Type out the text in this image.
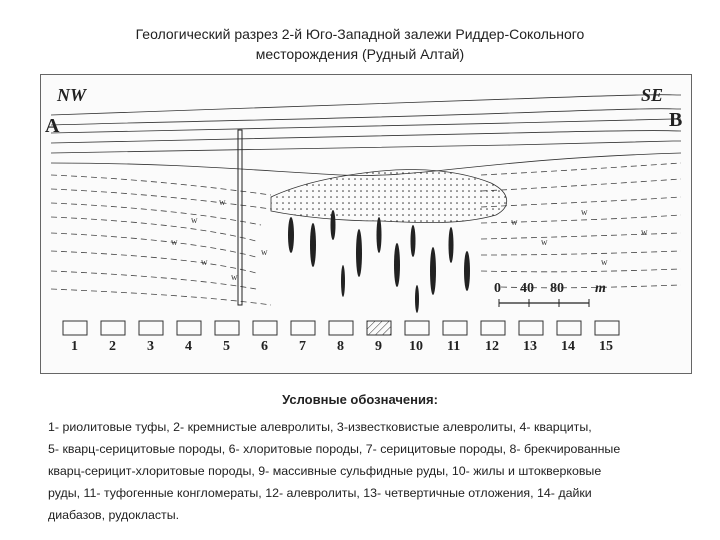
Геологический разрез 2-й Юго-Западной залежи Риддер-Сокольного
месторождения (Рудный Алтай)
w
w
w
w
w
w
w
w
w
w
w
NW	SE
A	B
0 40 80 m
1 2 3 4 5 6 7 8 9 10 11 12 13 14 15
Условные обозначения:
1- риолитовые туфы, 2- кремнистые алевролиты, 3-известковистые алевролиты, 4- кварциты,
5- кварц-серицитовые породы, 6- хлоритовые породы, 7- серицитовые породы, 8- брекчированные
кварц-серицит-хлоритовые породы, 9- массивные сульфидные руды, 10- жилы и штокверковые
руды, 11- туфогенные конгломераты, 12- алевролиты, 13- четвертичные отложения, 14- дайки
диабазов, рудокласты.
